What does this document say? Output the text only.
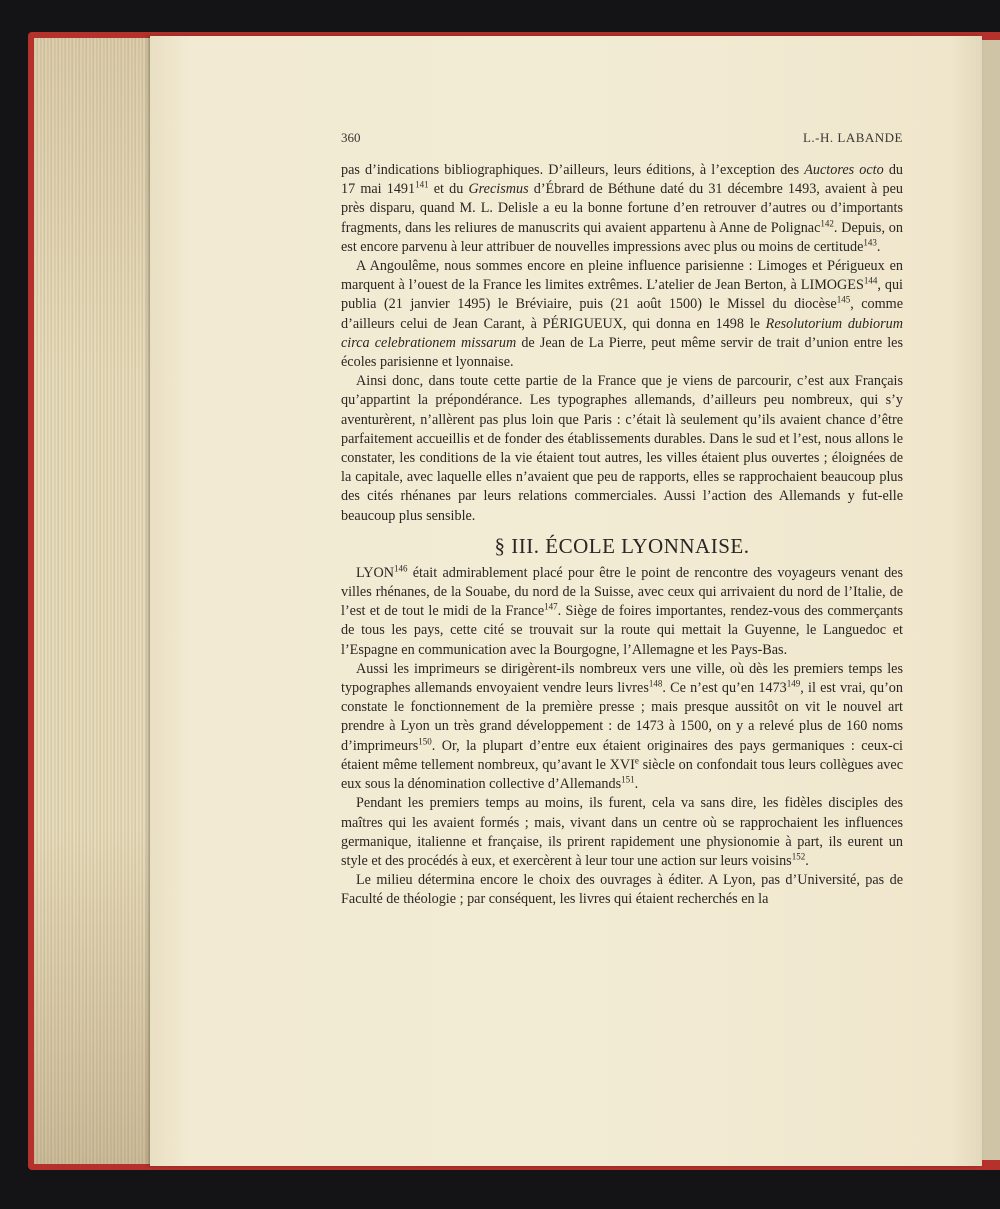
360	L.-H. LABANDE

pas d’indications bibliographiques. D’ailleurs, leurs éditions, à l’exception des Auctores octo du 17 mai 1491$^{141}$ et du Grecismus d’Ébrard de Béthune daté du 31 décembre 1493, avaient à peu près disparu, quand M. L. Delisle a eu la bonne fortune d’en retrouver d’autres ou d’importants fragments, dans les reliures de manuscrits qui avaient appartenu à Anne de Polignac$^{142}$. Depuis, on est encore parvenu à leur attribuer de nouvelles impressions avec plus ou moins de certitude$^{143}$.

A Angoulême, nous sommes encore en pleine influence parisienne : Limoges et Périgueux en marquent à l’ouest de la France les limites extrêmes. L’atelier de Jean Berton, à LIMOGES$^{144}$, qui publia (21 janvier 1495) le Bréviaire, puis (21 août 1500) le Missel du diocèse$^{145}$, comme d’ailleurs celui de Jean Carant, à PÉRIGUEUX, qui donna en 1498 le Resolutorium dubiorum circa celebrationem missarum de Jean de La Pierre, peut même servir de trait d’union entre les écoles parisienne et lyonnaise.

Ainsi donc, dans toute cette partie de la France que je viens de parcourir, c’est aux Français qu’appartint la prépondérance. Les typographes allemands, d’ailleurs peu nombreux, qui s’y aventurèrent, n’allèrent pas plus loin que Paris : c’était là seulement qu’ils avaient chance d’être parfaitement accueillis et de fonder des établissements durables. Dans le sud et l’est, nous allons le constater, les conditions de la vie étaient tout autres, les villes étaient plus ouvertes ; éloignées de la capitale, avec laquelle elles n’avaient que peu de rapports, elles se rapprochaient beaucoup plus des cités rhénanes par leurs relations commerciales. Aussi l’action des Allemands y fut-elle beaucoup plus sensible.

§ III. ÉCOLE LYONNAISE.

LYON$^{146}$ était admirablement placé pour être le point de rencontre des voyageurs venant des villes rhénanes, de la Souabe, du nord de la Suisse, avec ceux qui arrivaient du nord de l’Italie, de l’est et de tout le midi de la France$^{147}$. Siège de foires importantes, rendez-vous des commerçants de tous les pays, cette cité se trouvait sur la route qui mettait la Guyenne, le Languedoc et l’Espagne en communication avec la Bourgogne, l’Allemagne et les Pays-Bas.

Aussi les imprimeurs se dirigèrent-ils nombreux vers une ville, où dès les premiers temps les typographes allemands envoyaient vendre leurs livres$^{148}$. Ce n’est qu’en 1473$^{149}$, il est vrai, qu’on constate le fonctionnement de la première presse ; mais presque aussitôt on vit le nouvel art prendre à Lyon un très grand développement : de 1473 à 1500, on y a relevé plus de 160 noms d’imprimeurs$^{150}$. Or, la plupart d’entre eux étaient originaires des pays germaniques : ceux-ci étaient même tellement nombreux, qu’avant le XVIe siècle on confondait tous leurs collègues avec eux sous la dénomination collective d’Allemands$^{151}$.

Pendant les premiers temps au moins, ils furent, cela va sans dire, les fidèles disciples des maîtres qui les avaient formés ; mais, vivant dans un centre où se rapprochaient les influences germanique, italienne et française, ils prirent rapidement une physionomie à part, ils eurent un style et des procédés à eux, et exercèrent à leur tour une action sur leurs voisins$^{152}$.

Le milieu détermina encore le choix des ouvrages à éditer. A Lyon, pas d’Université, pas de Faculté de théologie ; par conséquent, les livres qui étaient recherchés en la
